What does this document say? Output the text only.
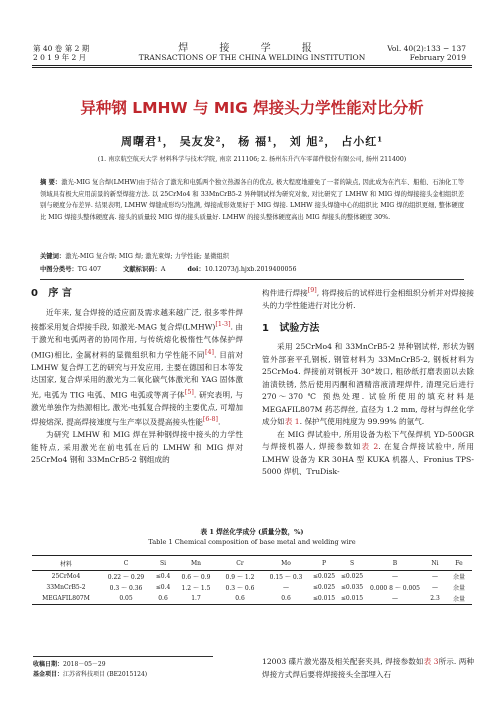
第 40 卷 第 2 期
2 0 1 9 年 2 月
焊 接 学 报
TRANSACTIONS OF THE CHINA WELDING INSTITUTION
Vol. 40(2):133 − 137
February 2019
异种钢 LMHW 与 MIG 焊接头力学性能对比分析
周曙君¹， 吴友发²， 杨 福¹， 刘 旭²， 占小红¹
(1. 南京航空航天大学 材料科学与技术学院, 南京 211106; 2. 扬州东升汽车零部件股份有限公司, 扬州 211400)
摘 要：激光-MIG 复合焊(LMHW)由于结合了激光和电弧两个独立热源各自的优点, 极大程度地避免了一者的缺点, 因此成为在汽车、船舶、石油化工等领域具有极大应用前景的新型焊接方法. 以 25CrMo4 和 33MnCrB5-2 异种钢试样为研究对象, 对比研究了 LMHW 和 MIG 焊的焊接接头金相组织差别与硬度分布差异. 结果表明, LMHW 焊缝成形均匀饱满, 焊接成形效果好于 MIG 焊接. LMHW 接头焊缝中心的组织比 MIG 焊的组织更细, 整体硬度比 MIG 焊接头整体硬度高. 接头的质量较 MIG 焊的接头质量好. LMHW 的接头整体硬度高出 MIG 焊接头的整体硬度 30%.
关键词：激光-MIG 复合焊; MIG 焊; 激光束焊; 力学性能; 显微组织
中图分类号：TG 407	文献标识码：A	doi：10.12073/j.hjxb.2019400056
0 序 言
近年来, 复合焊接的适应面及需求越来越广泛, 很多零件焊接都采用复合焊接手段, 如激光-MAG 复合焊(LMHW)[1-3]. 由于激光和电弧两者的协同作用, 与传统熔化极惰性气体保护焊(MIG)相比, 金属材料的显微组织和力学性能不同[4]. 目前对 LMHW 复合焊工艺的研究与开发应用, 主要在德国和日本等发达国家, 复合焊采用的激光为二氧化碳气体激光和 YAG 固体激光, 电弧为 TIG 电弧、MIG 电弧或等离子体[5]. 研究表明, 与激光单独作为热源相比, 激光-电弧复合焊接的主要优点, 可增加焊接熔深, 提高焊接速度与生产率以及提高接头性能[6-8].
为研究 LMHW 和 MIG 焊在异种钢焊接中接头的力学性能特点, 采用激光在前电弧在后的 LMHW 和 MIG 焊对 25CrMo4 钢和 33MnCrB5-2 钢组成的
构件进行焊接[9], 将焊接后的试样进行金相组织分析并对焊接接头的力学性能进行对比分析.
1 试验方法
采用 25CrMo4 和 33MnCrB5-2 异种钢试样, 形状为钢管外部套平孔钢板, 钢管材料为 33MnCrB5-2, 钢板材料为 25CrMo4. 焊接前对钢板开 30°坡口, 粗砂纸打磨表面以去除油渍铁锈, 然后使用丙酮和酒精溶液清理焊件, 清理完后进行 270～370 ℃ 预热处理. 试验所使用的填充材料是 MEGAFIL807M 药芯焊丝, 直径为 1.2 mm, 母材与焊丝化学成分如表 1. 保护气使用纯度为 99.99% 的氩气.
在 MIG 焊试验中, 所用设备为松下气保焊机 YD-500GR 与焊接机器人, 焊接参数如表 2. 在复合焊接试验中, 所用 LMHW 设备为 KR 30HA 型 KUKA 机器人、Fronius TPS-5000 焊机、TruDisk-
表 1 焊丝化学成分 (质量分数，%)
Table 1 Chemical composition of base metal and welding wire
材料	C	Si	Mn	Cr	Mo	P	S	B	Ni	Fe
25CrMo4	0.22 ～ 0.29	≤0.4	0.6 ～ 0.9	0.9 ～ 1.2	0.15 ～ 0.3	≤0.025	≤0.025	—	—	余量
33MnCrB5-2	0.3 ～ 0.36	≤0.4	1.2 ～ 1.5	0.3 ～ 0.6	—	≤0.025	≤0.035	0.000 8 ～ 0.005	—	余量
MEGAFIL807M	0.05	0.6	1.7	0.6	0.6	≤0.015	≤0.015	—	2.3	余量
收稿日期：2018－05－29
基金项目：江苏省科技项目 (BE2015124)
12003 碟片激光器及相关配套夹具, 焊接参数如表 3所示. 两种焊接方式焊后要将焊接接头全部埋入石
